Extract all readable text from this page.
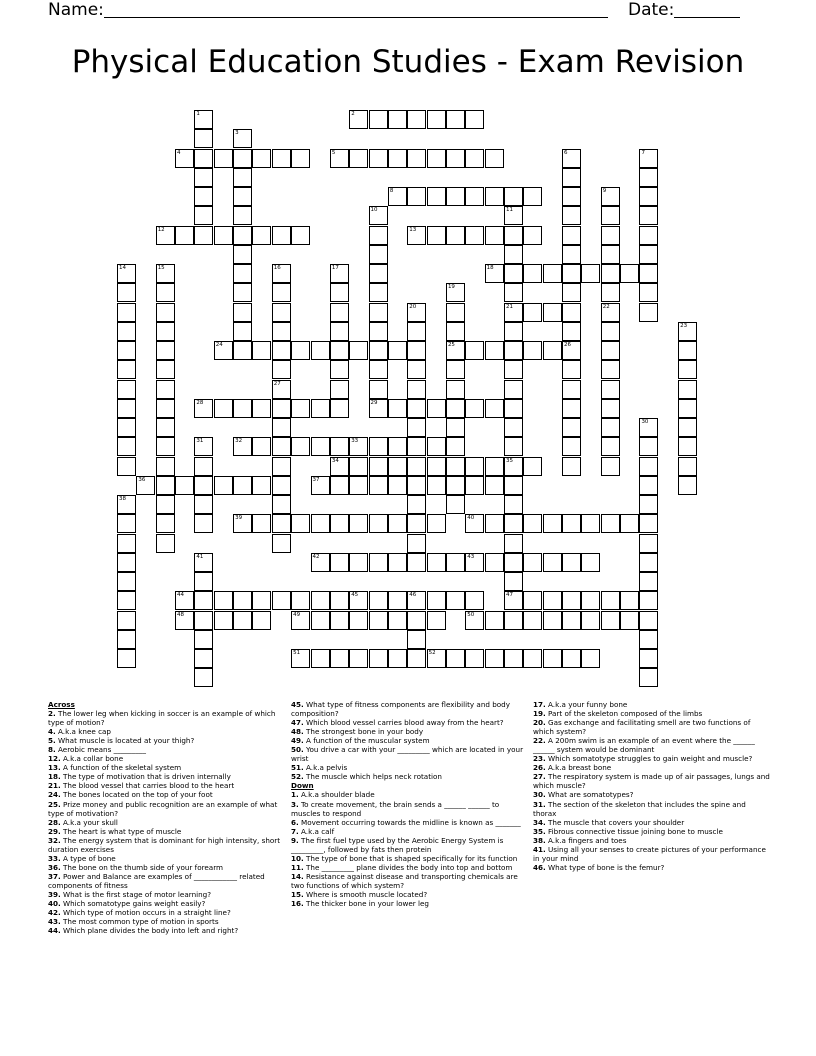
Name:	Date:
Physical Education Studies - Exam Revision
1	2
3
4	5	6
26
7
8	9
22
10	11
21
35
12	13
14	15	16	17	18
19
25
20
23
24
27
28	29
30
31	32	33
34
47
36	37
38
39	40
41	42	43
44	45	46
48	49	50
51	52
Across
2. The lower leg when kicking in soccer is an example of which type of motion?
4. A.k.a knee cap
5. What muscle is located at your thigh?
8. Aerobic means _________
12. A.k.a collar bone
13. A function of the skeletal system
18. The type of motivation that is driven internally
21. The blood vessel that carries blood to the heart
24. The bones located on the top of your foot
25. Prize money and public recognition are an example of what type of motivation?
28. A.k.a your skull
29. The heart is what type of muscle
32. The energy system that is dominant for high intensity, short duration exercises
33. A type of bone
36. The bone on the thumb side of your forearm
37. Power and Balance are examples of ____________ related components of fitness
39. What is the first stage of motor learning?
40. Which somatotype gains weight easily?
42. Which type of motion occurs in a straight line?
43. The most common type of motion in sports
44. Which plane divides the body into left and right?
45. What type of fitness components are flexibility and body composition?
47. Which blood vessel carries blood away from the heart?
48. The strongest bone in your body
49. A function of the muscular system
50. You drive a car with your _________ which are located in your wrist
51. A.k.a pelvis
52. The muscle which helps neck rotation
Down
1. A.k.a shoulder blade
3. To create movement, the brain sends a ______ ______ to muscles to respond
6. Movement occurring towards the midline is known as _______
7. A.k.a calf
9. The first fuel type used by the Aerobic Energy System is _________, followed by fats then protein
10. The type of bone that is shaped specifically for its function
11. The _________ plane divides the body into top and bottom
14. Resistance against disease and transporting chemicals are two functions of which system?
15. Where is smooth muscle located?
16. The thicker bone in your lower leg
17. A.k.a your funny bone
19. Part of the skeleton composed of the limbs
20. Gas exchange and facilitating smell are two functions of which system?
22. A 200m swim is an example of an event where the ______ ______ system would be dominant
23. Which somatotype struggles to gain weight and muscle?
26. A.k.a breast bone
27. The respiratory system is made up of air passages, lungs and which muscle?
30. What are somatotypes?
31. The section of the skeleton that includes the spine and thorax
34. The muscle that covers your shoulder
35. Fibrous connective tissue joining bone to muscle
38. A.k.a fingers and toes
41. Using all your senses to create pictures of your performance in your mind
46. What type of bone is the femur?
